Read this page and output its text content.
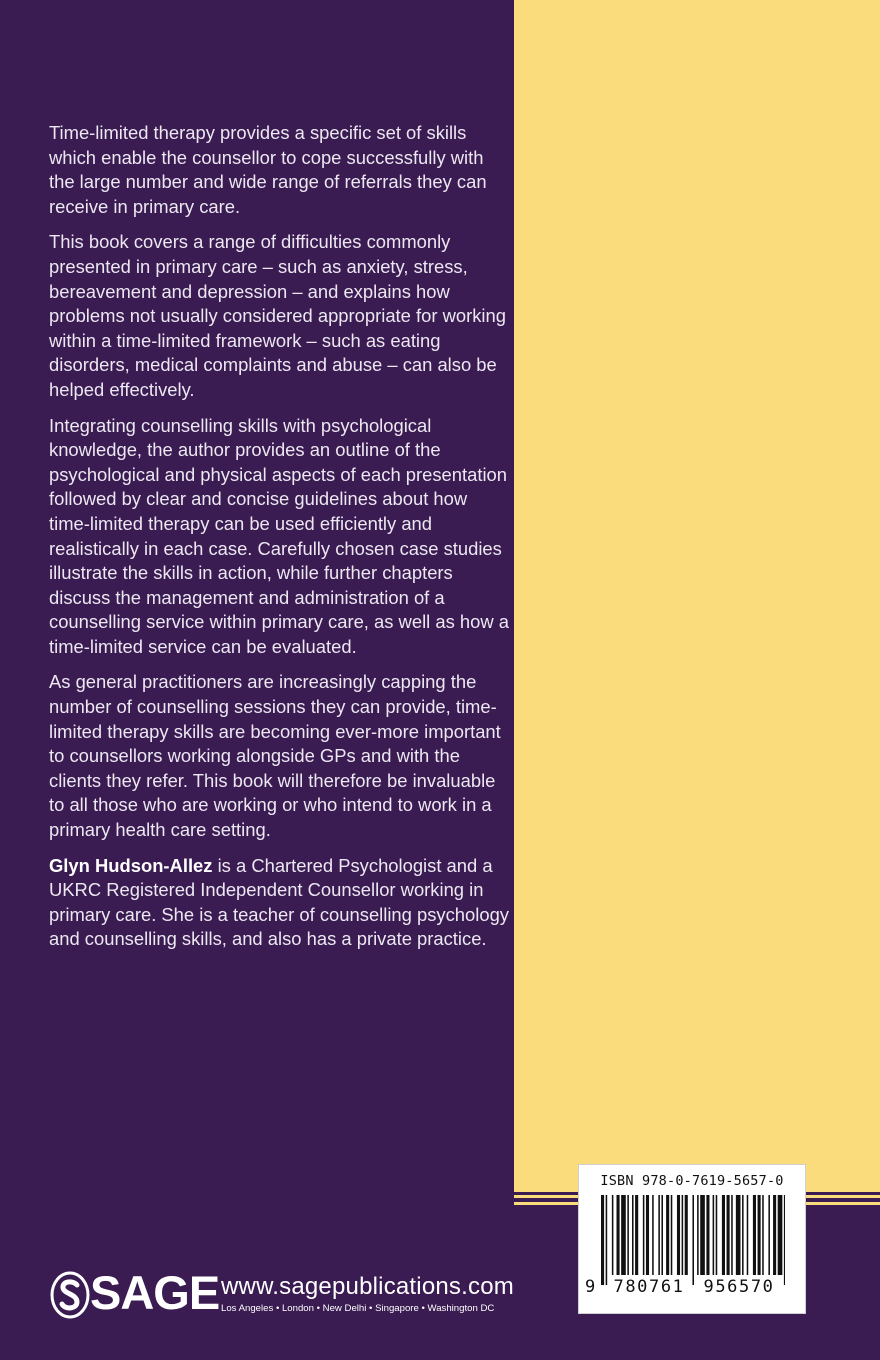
Time-limited therapy provides a specific set of skills which enable the counsellor to cope successfully with the large number and wide range of referrals they can receive in primary care.

This book covers a range of difficulties commonly presented in primary care – such as anxiety, stress, bereavement and depression – and explains how problems not usually considered appropriate for working within a time-limited framework – such as eating disorders, medical complaints and abuse – can also be helped effectively.

Integrating counselling skills with psychological knowledge, the author provides an outline of the psychological and physical aspects of each presentation followed by clear and concise guidelines about how time-limited therapy can be used efficiently and realistically in each case. Carefully chosen case studies illustrate the skills in action, while further chapters discuss the management and administration of a counselling service within primary care, as well as how a time-limited service can be evaluated.

As general practitioners are increasingly capping the number of counselling sessions they can provide, time-limited therapy skills are becoming ever-more important to counsellors working alongside GPs and with the clients they refer. This book will therefore be invaluable to all those who are working or who intend to work in a primary health care setting.

Glyn Hudson-Allez is a Chartered Psychologist and a UKRC Registered Independent Counsellor working in primary care. She is a teacher of counselling psychology and counselling skills, and also has a private practice.

ISBN 978-0-7619-5657-0
9	780761	956570
SAGE www.sagepublications.com
Los Angeles • London • New Delhi • Singapore • Washington DC
